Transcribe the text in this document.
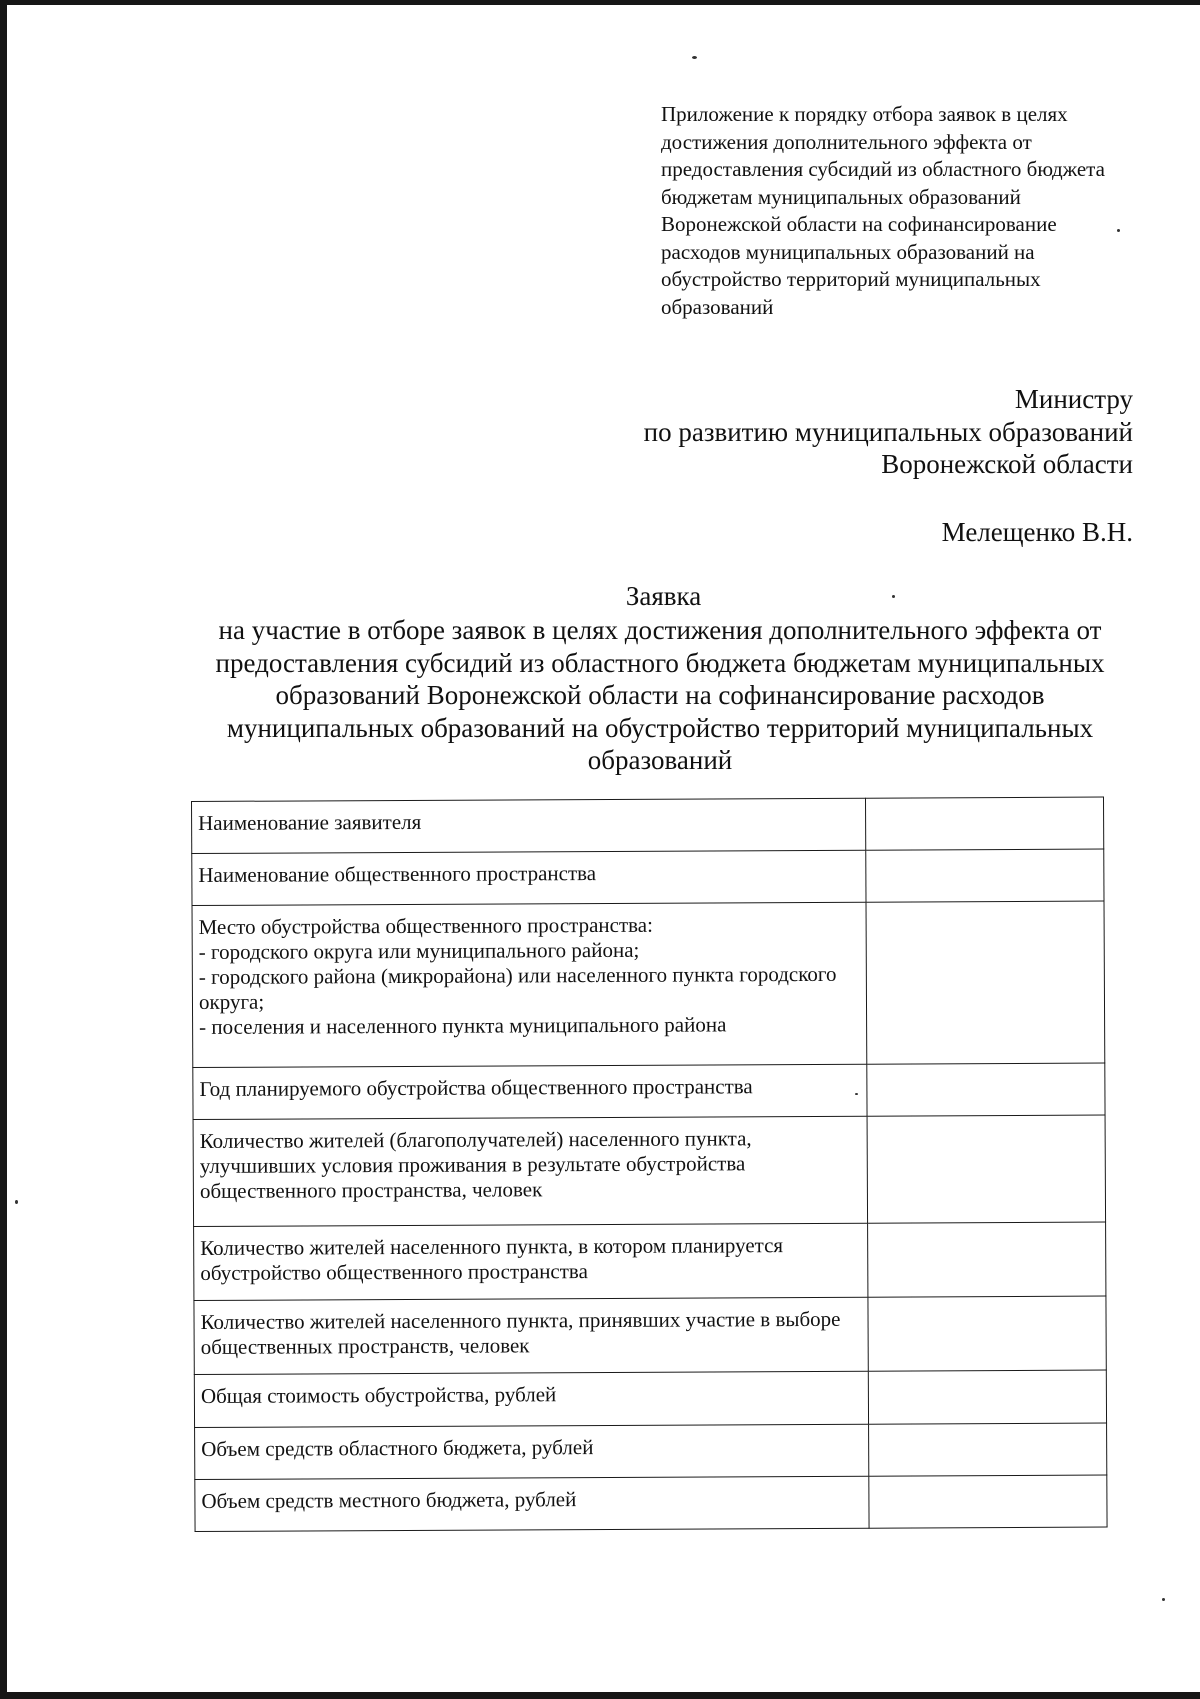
Приложение к порядку отбора заявок в целях достижения дополнительного эффекта от предоставления субсидий из областного бюджета бюджетам муниципальных образований Воронежской области на софинансирование расходов муниципальных образований на обустройство территорий муниципальных образований

Министру
по развитию муниципальных образований
Воронежской области
Мелещенко В.Н.
Заявка

на участие в отборе заявок в целях достижения дополнительного эффекта от предоставления субсидий из областного бюджета бюджетам муниципальных образований Воронежской области на софинансирование расходов муниципальных образований на обустройство территорий муниципальных образований

Наименование заявителя	
Наименование общественного пространства	
Место обустройства общественного пространства:
- городского округа или муниципального района;
- городского района (микрорайона) или населенного пункта городского округа;
- поселения и населенного пункта муниципального района	
Год планируемого обустройства общественного пространства	
Количество жителей (благополучателей) населенного пункта, улучшивших условия проживания в результате обустройства общественного пространства, человек	
Количество жителей населенного пункта, в котором планируется обустройство общественного пространства	
Количество жителей населенного пункта, принявших участие в выборе общественных пространств, человек	
Общая стоимость обустройства, рублей	
Объем средств областного бюджета, рублей	
Объем средств местного бюджета, рублей	
